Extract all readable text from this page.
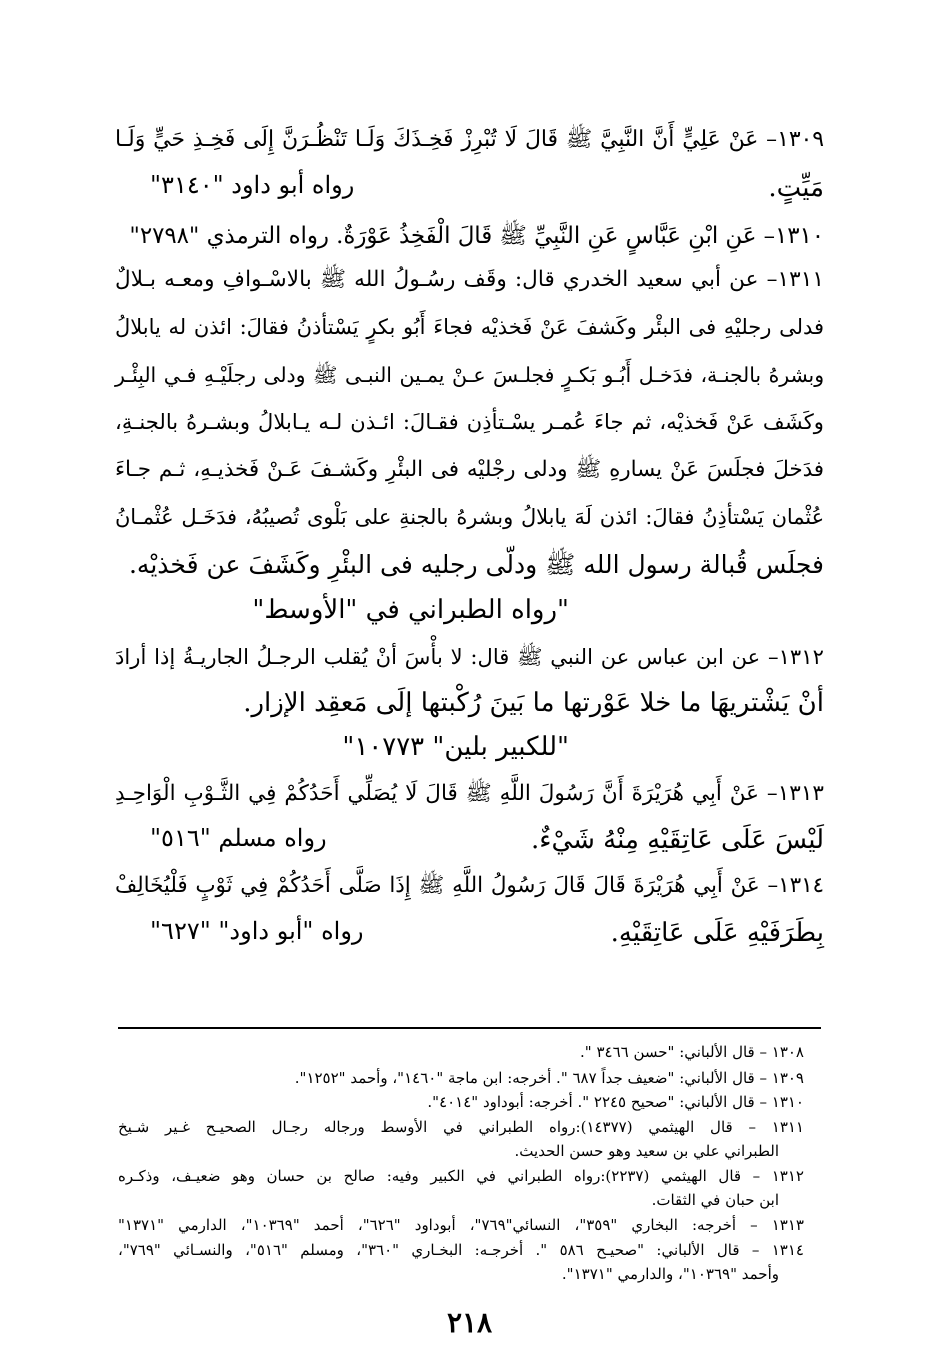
١٣٠٩– عَنْ عَلِيٍّ أَنَّ النَّبِيَّ ﷺ قَالَ لَا تُبْرِزْ فَخِـذَكَ وَلَـا تَنْظُـرَنَّ إِلَى فَخِـذِ حَيٍّ وَلَـا
مَيِّتٍ.
رواه أبو داود "٣١٤٠"
١٣١٠– عَنِ ابْنِ عَبَّاسٍ عَنِ النَّبِيِّ ﷺ قَالَ الْفَخِذُ عَوْرَةٌ. رواه الترمذي "٢٧٩٨"
١٣١١– عن أبي سعيد الخدري قال: وقَف رسُـولُ الله ﷺ بالاسْـوافِ ومعـه بـلالٌ
فدلى رجليْهِ فى البئْر وكَشفَ عَنْ فَخذيْه فجاءَ أَبُو بكرٍ يَسْتأذنُ فقالَ: ائذن له يابلالُ
وبشرهُ بالجنـة، فدَخـل أَبُـو بَكـرٍ فجلـسَ عـنْ يمـين النبـى ﷺ ودلى رجلَيْـهِ فـي البِئْـر
وكَشَف عَنْ فَخذيْه، ثم جاءَ عُمـر يسْـتأذِن فقـالَ: ائـذن لـه يـابلالُ وبشـرهُ بالجنـةِ،
فدَخلَ فجلَسَ عَنْ يسارهِ ﷺ ودلى رجْليْه فى البئْرِ وكَشـفَ عَـنْ فَخذيـهِ، ثـم جـاءَ
عُثْمان يَسْتأذِنُ فقالَ: ائذن لَهَ يابلالُ وبشرهُ بالجنةِ على بَلْوى تُصيبُهُ، فدَخَـل عُثْمـانُ
فجلَس قُبالة رسول الله ﷺ ودلّى رجليه فى البئْرِ وكَشَفَ عن فَخذيْه.
"رواه الطبراني في "الأوسط"
١٣١٢– عن ابن عباس عن النبي ﷺ قال: لا بأْسَ أنْ يُقلب الرجـلُ الجاريـةُ إذا أرادَ
أنْ يَشْتريهَا ما خلا عَوْرتها ما بَينَ رُكْبتها إلَى مَعقِد الإزار.
"للكبير بلين" ١٠٧٧٣"
١٣١٣– عَنْ أَبِي هُرَيْرَةَ أَنَّ رَسُولَ اللَّهِ ﷺ قَالَ لَا يُصَلِّي أَحَدُكُمْ فِي الثَّـوْبِ الْوَاحِـدِ
لَيْسَ عَلَى عَاتِقَيْهِ مِنْهُ شَيْءٌ.
رواه مسلم "٥١٦"
١٣١٤– عَنْ أَبِي هُرَيْرَةَ قَالَ قَالَ رَسُولُ اللَّهِ ﷺ إِذَا صَلَّى أَحَدُكُمْ فِي ثَوْبٍ فَلْيُخَالِفْ
بِطَرَفَيْهِ عَلَى عَاتِقَيْهِ.
رواه "أبو داود" "٦٢٧"
١٣٠٨ – قال الألباني: "حسن ٣٤٦٦ ".
١٣٠٩ – قال الألباني: "ضعيف جداً ٦٨٧ ". أخرجه: ابن ماجة "١٤٦٠"، وأحمد "١٢٥٢".
١٣١٠ – قال الألباني: "صحيح ٢٢٤٥ ". أخرجه: أبوداود "٤٠١٤".
١٣١١ – قال الهيثمي (١٤٣٧٧):رواه الطبراني في الأوسط ورجاله رجـال الصحيـح غـير شـيخ
الطبراني علي بن سعيد وهو حسن الحديث.
١٣١٢ – قال الهيثمي (٢٢٣٧):رواه الطبراني في الكبير وفيه: صالح بن حسان وهو ضعيـف، وذكـره
ابن حبان في الثقات.
١٣١٣ – أخرجه: البخاري "٣٥٩"، النسائي"٧٦٩"، أبوداود "٦٢٦"، أحمد "١٠٣٦٩"، الدارمي "١٣٧١"
١٣١٤ – قال الألباني: "صحيـح ٥٨٦ ". أخرجـه: البخـاري "٣٦٠"، ومسلم "٥١٦"، والنسـائي "٧٦٩"،
وأحمد "١٠٣٦٩"، والدارمي "١٣٧١".
٢١٨
